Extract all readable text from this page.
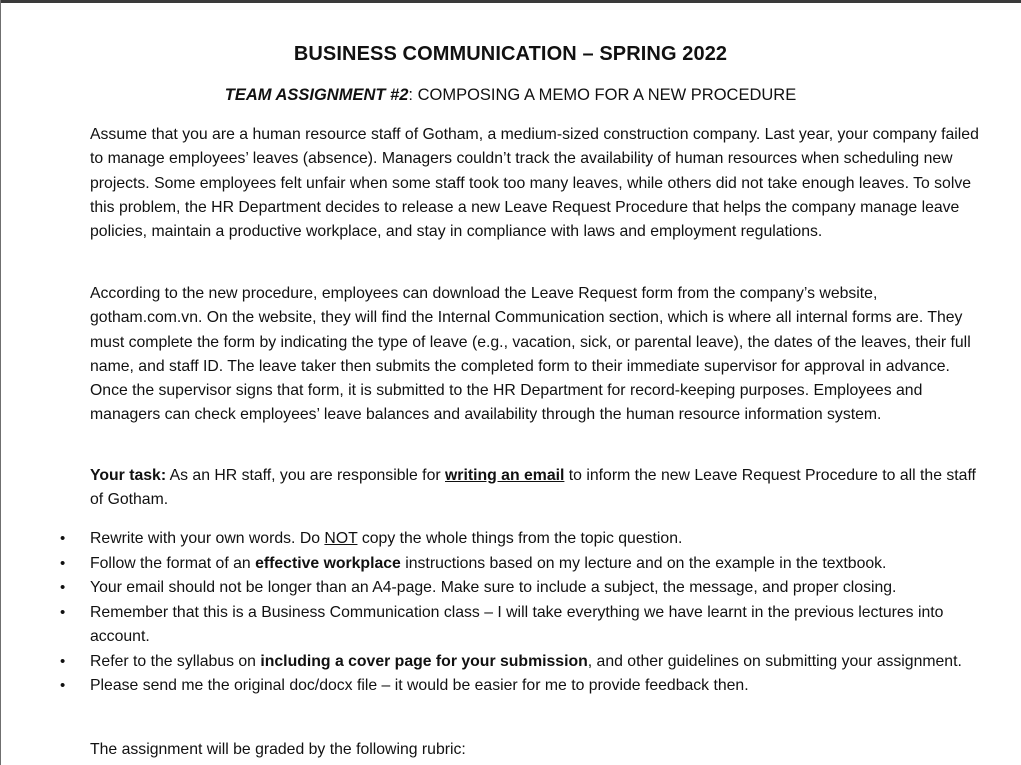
BUSINESS COMMUNICATION – SPRING 2022
TEAM ASSIGNMENT #2: COMPOSING A MEMO FOR A NEW PROCEDURE

Assume that you are a human resource staff of Gotham, a medium-sized construction company. Last year, your company failed to manage employees’ leaves (absence). Managers couldn’t track the availability of human resources when scheduling new projects. Some employees felt unfair when some staff took too many leaves, while others did not take enough leaves. To solve this problem, the HR Department decides to release a new Leave Request Procedure that helps the company manage leave policies, maintain a productive workplace, and stay in compliance with laws and employment regulations.

According to the new procedure, employees can download the Leave Request form from the company’s website, gotham.com.vn. On the website, they will find the Internal Communication section, which is where all internal forms are. They must complete the form by indicating the type of leave (e.g., vacation, sick, or parental leave), the dates of the leaves, their full name, and staff ID. The leave taker then submits the completed form to their immediate supervisor for approval in advance. Once the supervisor signs that form, it is submitted to the HR Department for record-keeping purposes. Employees and managers can check employees’ leave balances and availability through the human resource information system.

Your task: As an HR staff, you are responsible for writing an email to inform the new Leave Request Procedure to all the staff of Gotham.

• Rewrite with your own words. Do NOT copy the whole things from the topic question.
• Follow the format of an effective workplace instructions based on my lecture and on the example in the textbook.
• Your email should not be longer than an A4-page. Make sure to include a subject, the message, and proper closing.
• Remember that this is a Business Communication class – I will take everything we have learnt in the previous lectures into account.
• Refer to the syllabus on including a cover page for your submission, and other guidelines on submitting your assignment.
• Please send me the original doc/docx file – it would be easier for me to provide feedback then.

The assignment will be graded by the following rubric:
